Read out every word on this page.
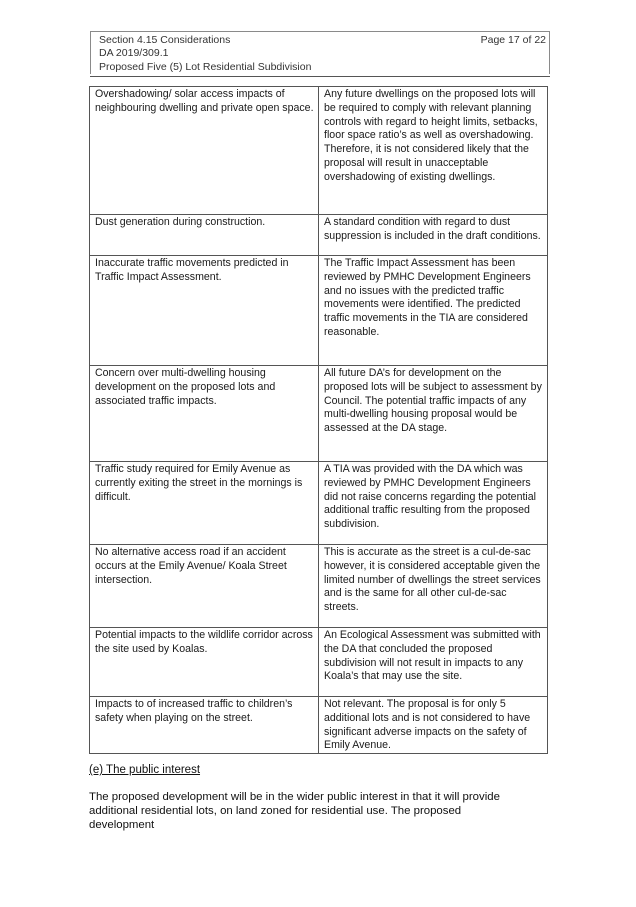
Section 4.15 Considerations	Page 17 of 22
DA 2019/309.1
Proposed Five (5) Lot Residential Subdivision
Overshadowing/ solar access impacts of neighbouring dwelling and private open space.	Any future dwellings on the proposed lots will be required to comply with relevant planning controls with regard to height limits, setbacks, floor space ratio’s as well as overshadowing. Therefore, it is not considered likely that the proposal will result in unacceptable overshadowing of existing dwellings.
Dust generation during construction.	A standard condition with regard to dust suppression is included in the draft conditions.
Inaccurate traffic movements predicted in Traffic Impact Assessment.	The Traffic Impact Assessment has been reviewed by PMHC Development Engineers and no issues with the predicted traffic movements were identified. The predicted traffic movements in the TIA are considered reasonable.
Concern over multi-dwelling housing development on the proposed lots and associated traffic impacts.	All future DA’s for development on the proposed lots will be subject to assessment by Council. The potential traffic impacts of any multi-dwelling housing proposal would be assessed at the DA stage.
Traffic study required for Emily Avenue as currently exiting the street in the mornings is difficult.	A TIA was provided with the DA which was reviewed by PMHC Development Engineers did not raise concerns regarding the potential additional traffic resulting from the proposed subdivision.
No alternative access road if an accident occurs at the Emily Avenue/ Koala Street intersection.	This is accurate as the street is a cul-de-sac however, it is considered acceptable given the limited number of dwellings the street services and is the same for all other cul-de-sac streets.
Potential impacts to the wildlife corridor across the site used by Koalas.	An Ecological Assessment was submitted with the DA that concluded the proposed subdivision will not result in impacts to any Koala’s that may use the site.
Impacts to of increased traffic to children’s safety when playing on the street.	Not relevant. The proposal is for only 5 additional lots and is not considered to have significant adverse impacts on the safety of Emily Avenue.
(e) The public interest
The proposed development will be in the wider public interest in that it will provide additional residential lots, on land zoned for residential use. The proposed development
